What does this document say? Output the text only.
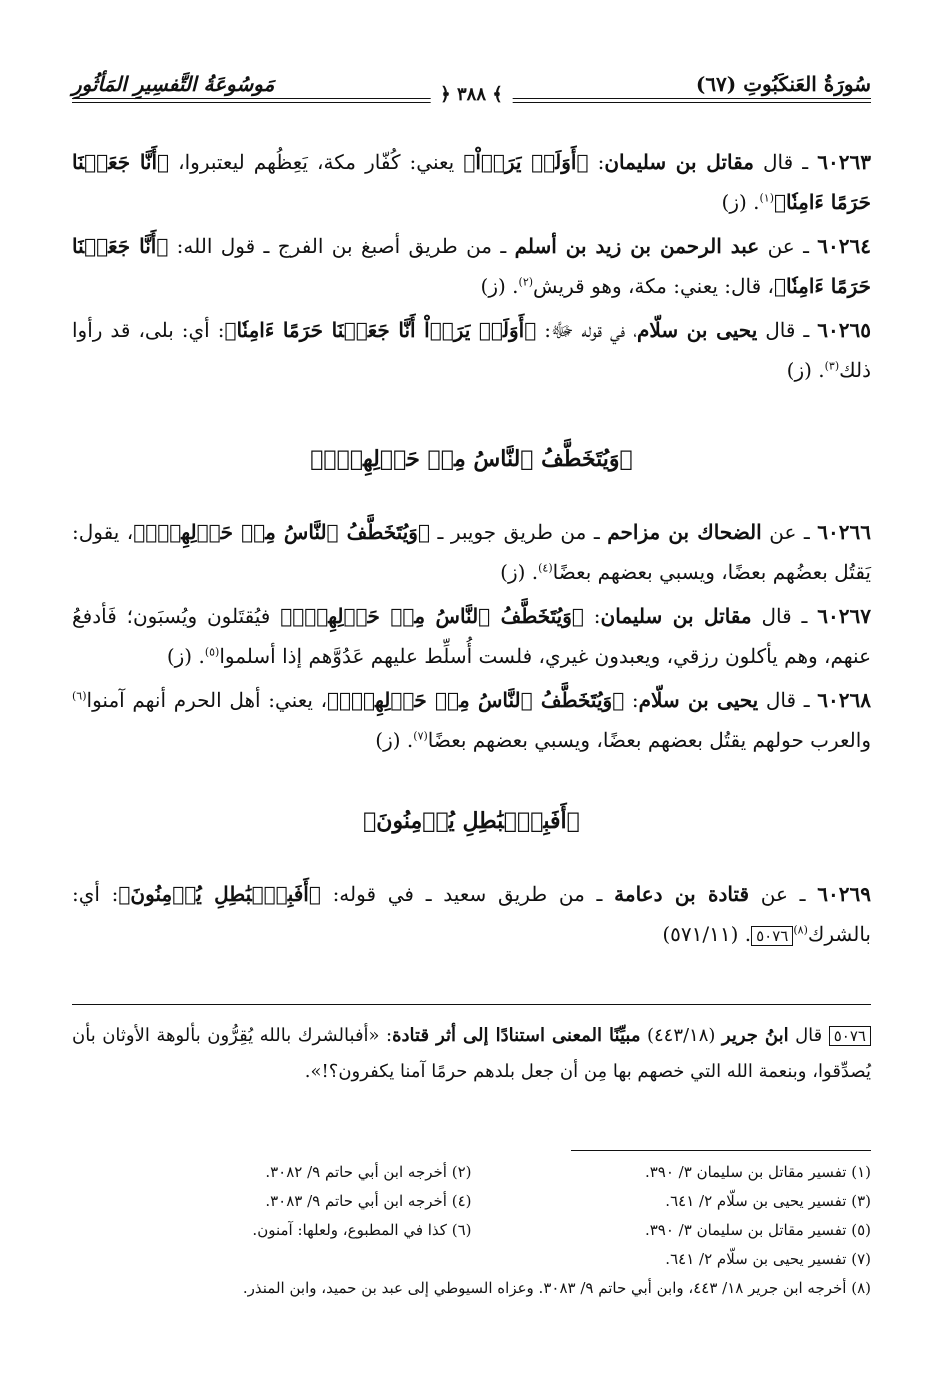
سُورَةُ العَنكَبُوتِ (٦٧)
﴾ ٣٨٨ ﴿
مَوسُوعَةُ التَّفسِيرِ المَأثُورِ

٦٠٢٦٣ ـ قال مقاتل بن سليمان: ﴿أَوَلَمۡ يَرَوۡاْ﴾ يعني: كُفّار مكة، يَعِظُهم ليعتبروا، ﴿أَنَّا جَعَلۡنَا حَرَمًا ءَامِنٗا﴾$^{(١)}$. (ز)

٦٠٢٦٤ ـ عن عبد الرحمن بن زيد بن أسلم ـ من طريق أصبغ بن الفرج ـ قول الله: ﴿أَنَّا جَعَلۡنَا حَرَمًا ءَامِنٗا﴾، قال: يعني: مكة، وهو قريش$^{(٢)}$. (ز)

٦٠٢٦٥ ـ قال يحيى بن سلّام، في قوله ﷻ: ﴿أَوَلَمۡ يَرَوۡاْ أَنَّا جَعَلۡنَا حَرَمًا ءَامِنٗا﴾: أي: بلى، قد رأوا ذلك$^{(٣)}$. (ز)

﴿وَيُتَخَطَّفُ ٱلنَّاسُ مِنۡ حَوۡلِهِمۡۚ﴾

٦٠٢٦٦ ـ عن الضحاك بن مزاحم ـ من طريق جويبر ـ ﴿وَيُتَخَطَّفُ ٱلنَّاسُ مِنۡ حَوۡلِهِمۡۚ﴾، يقول: يَقتُل بعضُهم بعضًا، ويسبي بعضهم بعضًا$^{(٤)}$. (ز)

٦٠٢٦٧ ـ قال مقاتل بن سليمان: ﴿وَيُتَخَطَّفُ ٱلنَّاسُ مِنۡ حَوۡلِهِمۡۚ﴾ فيُقتَلون ويُسبَون؛ فَأدفعُ عنهم، وهم يأكلون رزقي، ويعبدون غيري، فلست أُسلِّط عليهم عَدُوَّهم إذا أسلموا$^{(٥)}$. (ز)

٦٠٢٦٨ ـ قال يحيى بن سلّام: ﴿وَيُتَخَطَّفُ ٱلنَّاسُ مِنۡ حَوۡلِهِمۡۚ﴾، يعني: أهل الحرم أنهم آمنوا$^{(٦)}$ والعرب حولهم يقتُل بعضهم بعضًا، ويسبي بعضهم بعضًا$^{(٧)}$. (ز)

﴿أَفَبِٱلۡبَٰطِلِ يُؤۡمِنُونَ﴾

٦٠٢٦٩ ـ عن قتادة بن دعامة ـ من طريق سعيد ـ في قوله: ﴿أَفَبِٱلۡبَٰطِلِ يُؤۡمِنُونَ﴾: أي: بالشرك$^{(٨)}$٥٠٧٦. (٥٧١/١١)

٥٠٧٦ قال ابنُ جرير (٤٤٣/١٨) مبيِّنًا المعنى استنادًا إلى أثر قتادة: «أفبالشرك بالله يُقِرُّون بألوهة الأوثان بأن يُصدِّقوا، وبنعمة الله التي خصهم بها مِن أن جعل بلدهم حرمًا آمنا يكفرون؟!».
(١) تفسير مقاتل بن سليمان ٣/ ٣٩٠.
(٢) أخرجه ابن أبي حاتم ٩/ ٣٠٨٢.
(٣) تفسير يحيى بن سلّام ٢/ ٦٤١.
(٤) أخرجه ابن أبي حاتم ٩/ ٣٠٨٣.
(٥) تفسير مقاتل بن سليمان ٣/ ٣٩٠.
(٦) كذا في المطبوع، ولعلها: آمنون.
(٧) تفسير يحيى بن سلّام ٢/ ٦٤١.
(٨) أخرجه ابن جرير ١٨/ ٤٤٣، وابن أبي حاتم ٩/ ٣٠٨٣. وعزاه السيوطي إلى عبد بن حميد، وابن المنذر.
